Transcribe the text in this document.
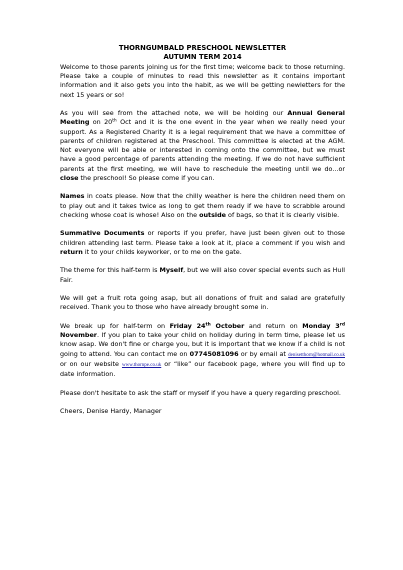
THORNGUMBALD PRESCHOOL NEWSLETTER
AUTUMN TERM 2014

Welcome to those parents joining us for the first time; welcome back to those returning. Please take a couple of minutes to read this newsletter as it contains important information and it also gets you into the habit, as we will be getting newletters for the next 15 years or so!

As you will see from the attached note, we will be holding our Annual General Meeting on 20th Oct and it is the one event in the year when we really need your support. As a Registered Charity it is a legal requirement that we have a committee of parents of children registered at the Preschool. This committee is elected at the AGM. Not everyone will be able or interested in coming onto the committee, but we must have a good percentage of parents attending the meeting. If we do not have sufficient parents at the first meeting, we will have to reschedule the meeting until we do...or close the preschool! So please come if you can.

Names in coats please. Now that the chilly weather is here the children need them on to play out and it takes twice as long to get them ready if we have to scrabble around checking whose coat is whose! Also on the outside of bags, so that it is clearly visible.

Summative Documents or reports if you prefer, have just been given out to those children attending last term. Please take a look at it, place a comment if you wish and return it to your childs keyworker, or to me on the gate.

The theme for this half-term is Myself, but we will also cover special events such as Hull Fair.

We will get a fruit rota going asap, but all donations of fruit and salad are gratefully received. Thank you to those who have already brought some in.

We break up for half-term on Friday 24th October and return on Monday 3rd November. If you plan to take your child on holiday during in term time, please let us know asap. We don't fine or charge you, but it is important that we know if a child is not going to attend. You can contact me on 07745081096 or by email at denisetthorn@hotmail.co.uk or on our website www.thornpe.co.uk or “like” our facebook page, where you will find up to date information.

Please don't hesitate to ask the staff or myself if you have a query regarding preschool.

Cheers, Denise Hardy, Manager
